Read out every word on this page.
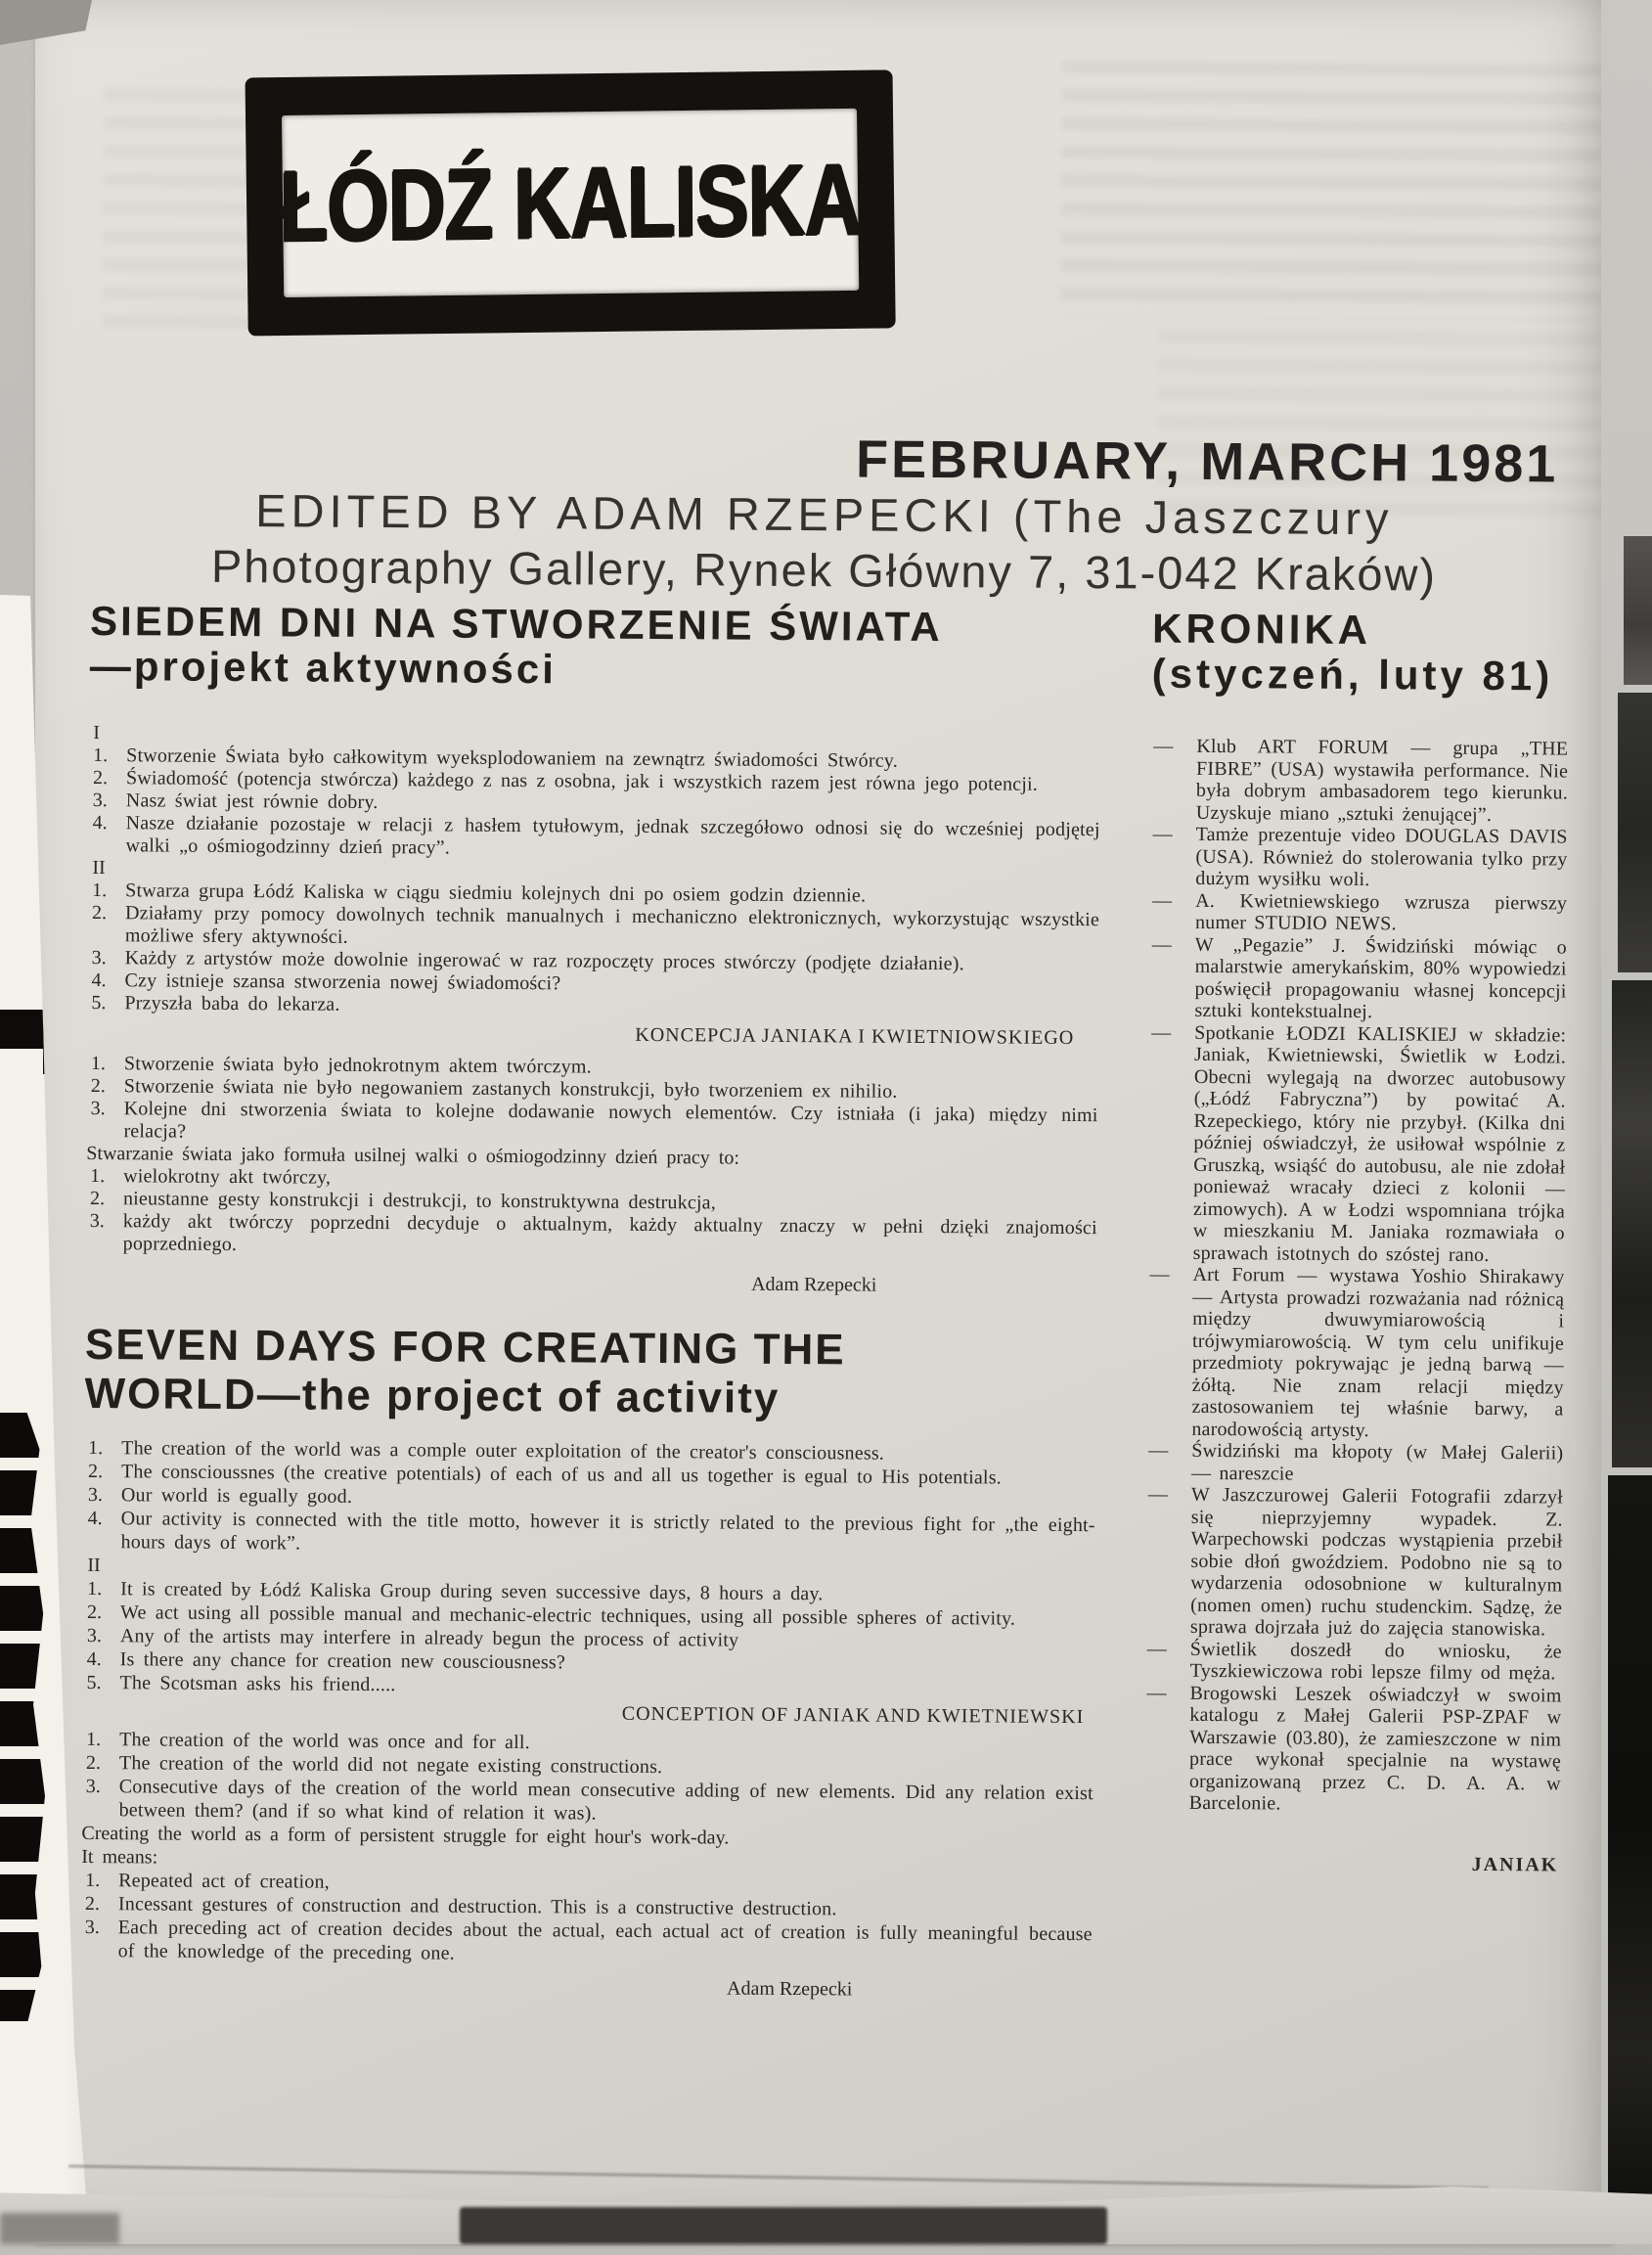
ŁÓDŹ KALISKA
FEBRUARY, MARCH 1981
EDITED BY ADAM RZEPECKI (The Jaszczury
Photography Gallery, Rynek Główny 7, 31-042 Kraków)
SIEDEM DNI NA STWORZENIE ŚWIATA
—projekt aktywności
I
1. Stworzenie Świata było całkowitym wyeksplodowaniem na zewnątrz świadomości Stwórcy.
2. Świadomość (potencja stwórcza) każdego z nas z osobna, jak i wszystkich razem jest równa jego potencji.
3. Nasz świat jest równie dobry.
4. Nasze działanie pozostaje w relacji z hasłem tytułowym, jednak szczegółowo odnosi się do wcześniej podjętej walki „o ośmiogodzinny dzień pracy”.
II
1. Stwarza grupa Łódź Kaliska w ciągu siedmiu kolejnych dni po osiem godzin dziennie.
2. Działamy przy pomocy dowolnych technik manualnych i mechaniczno elektronicznych, wykorzystując wszystkie możliwe sfery aktywności.
3. Każdy z artystów może dowolnie ingerować w raz rozpoczęty proces stwórczy (podjęte działanie).
4. Czy istnieje szansa stworzenia nowej świadomości?
5. Przyszła baba do lekarza.
KONCEPCJA JANIAKA I KWIETNIOWSKIEGO
1. Stworzenie świata było jednokrotnym aktem twórczym.
2. Stworzenie świata nie było negowaniem zastanych konstrukcji, było tworzeniem ex nihilio.
3. Kolejne dni stworzenia świata to kolejne dodawanie nowych elementów. Czy istniała (i jaka) między nimi relacja?
Stwarzanie świata jako formuła usilnej walki o ośmiogodzinny dzień pracy to:
1. wielokrotny akt twórczy,
2. nieustanne gesty konstrukcji i destrukcji, to konstruktywna destrukcja,
3. każdy akt twórczy poprzedni decyduje o aktualnym, każdy aktualny znaczy w pełni dzięki znajomości poprzedniego.
Adam Rzepecki
SEVEN DAYS FOR CREATING THE
WORLD—the project of activity
1. The creation of the world was a comple outer exploitation of the creator's consciousness.
2. The conscioussnes (the creative potentials) of each of us and all us together is egual to His potentials.
3. Our world is egually good.
4. Our activity is connected with the title motto, however it is strictly related to the previous fight for „the eight-hours days of work”.
II
1. It is created by Łódź Kaliska Group during seven successive days, 8 hours a day.
2. We act using all possible manual and mechanic-electric techniques, using all possible spheres of activity.
3. Any of the artists may interfere in already begun the process of activity
4. Is there any chance for creation new cousciousness?
5. The Scotsman asks his friend.....
CONCEPTION OF JANIAK AND KWIETNIEWSKI
1. The creation of the world was once and for all.
2. The creation of the world did not negate existing constructions.
3. Consecutive days of the creation of the world mean consecutive adding of new elements. Did any relation exist between them? (and if so what kind of relation it was).
Creating the world as a form of persistent struggle for eight hour's work-day.
It means:
1. Repeated act of creation,
2. Incessant gestures of construction and destruction. This is a constructive destruction.
3. Each preceding act of creation decides about the actual, each actual act of creation is fully meaningful because of the knowledge of the preceding one.
Adam Rzepecki
KRONIKA
(styczeń, luty 81)
—	Klub ART FORUM — grupa „THE FIBRE” (USA) wystawiła performance. Nie była dobrym ambasadorem tego kierunku. Uzyskuje miano „sztuki żenującej”.
—	Tamże prezentuje video DOUGLAS DAVIS (USA). Również do stolerowania tylko przy dużym wysiłku woli.
—	A. Kwietniewskiego wzrusza pierwszy numer STUDIO NEWS.
—	W „Pegazie” J. Świdziński mówiąc o malarstwie amerykańskim, 80% wypowiedzi poświęcił propagowaniu własnej koncepcji sztuki kontekstualnej.
—	Spotkanie ŁODZI KALISKIEJ w składzie: Janiak, Kwietniewski, Świetlik w Łodzi. Obecni wylegają na dworzec autobusowy („Łódź Fabryczna”) by powitać A. Rzepeckiego, który nie przybył. (Kilka dni później oświadczył, że usiłował wspólnie z Gruszką, wsiąść do autobusu, ale nie zdołał ponieważ wracały dzieci z kolonii — zimowych). A w Łodzi wspomniana trójka w mieszkaniu M. Janiaka rozmawiała o sprawach istotnych do szóstej rano.
—	Art Forum — wystawa Yoshio Shirakawy — Artysta prowadzi rozważania nad różnicą między dwuwymiarowością i trójwymiarowością. W tym celu unifikuje przedmioty pokrywając je jedną barwą — żółtą. Nie znam relacji między zastosowaniem tej właśnie barwy, a narodowością artysty.
—	Świdziński ma kłopoty (w Małej Galerii) — nareszcie
—	W Jaszczurowej Galerii Fotografii zdarzył się nieprzyjemny wypadek. Z. Warpechowski podczas wystąpienia przebił sobie dłoń gwoździem. Podobno nie są to wydarzenia odosobnione w kulturalnym (nomen omen) ruchu studenckim. Sądzę, że sprawa dojrzała już do zajęcia stanowiska.
—	Świetlik doszedł do wniosku, że Tyszkiewiczowa robi lepsze filmy od męża.
—	Brogowski Leszek oświadczył w swoim katalogu z Małej Galerii PSP-ZPAF w Warszawie (03.80), że zamieszczone w nim prace wykonał specjalnie na wystawę organizowaną przez C. D. A. A. w Barcelonie.
JANIAK
